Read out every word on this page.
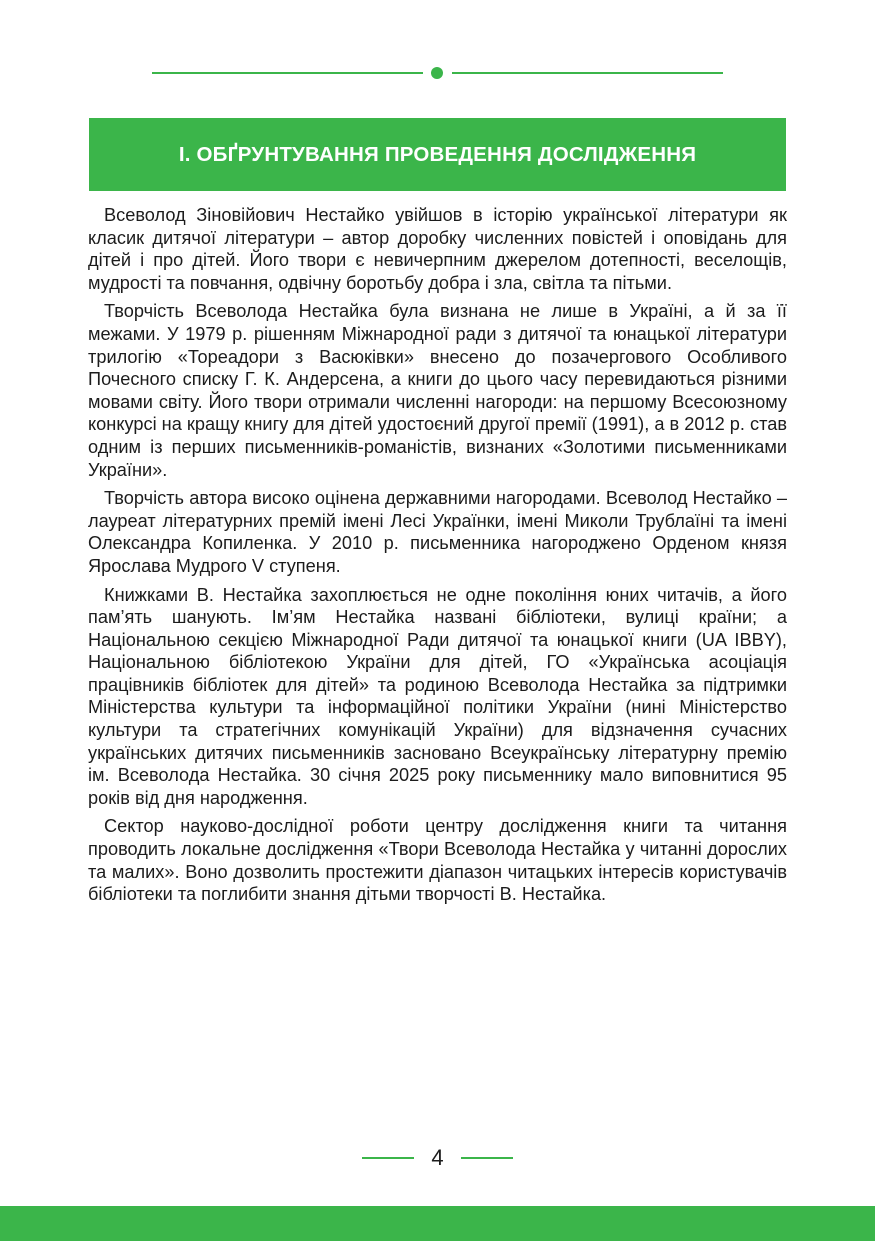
І. ОБҐРУНТУВАННЯ ПРОВЕДЕННЯ ДОСЛІДЖЕННЯ

Всеволод Зіновійович Нестайко увійшов в історію української літератури як класик дитячої літератури – автор доробку численних повістей і оповідань для дітей і про дітей. Його твори є невичерпним джерелом дотепності, веселощів, мудрості та повчання, одвічну боротьбу добра і зла, світла та пітьми.

Творчість Всеволода Нестайка була визнана не лише в Україні, а й за її межами. У 1979 р. рішенням Міжнародної ради з дитячої та юнацької літератури трилогію «Тореадори з Васюківки» внесено до позачергового Особливого Почесного списку Г. К. Андерсена, а книги до цього часу перевидаються різними мовами світу. Його твори отримали численні нагороди: на першому Всесоюзному конкурсі на кращу книгу для дітей удостоєний другої премії (1991), а в 2012 р. став одним із перших письменників-романістів, визнаних «Золотими письменниками України».

Творчість автора високо оцінена державними нагородами. Всеволод Нестайко – лауреат літературних премій імені Лесі Українки, імені Миколи Трублаїні та імені Олександра Копиленка. У 2010 р. письменника нагороджено Орденом князя Ярослава Мудрого V ступеня.

Книжками В. Нестайка захоплюється не одне покоління юних читачів, а його пам’ять шанують. Ім’ям Нестайка названі бібліотеки, вулиці країни; а Національною секцією Міжнародної Ради дитячої та юнацької книги (UA IBBY), Національною бібліотекою України для дітей, ГО «Українська асоціація працівників бібліотек для дітей» та родиною Всеволода Нестайка за підтримки Міністерства культури та інформаційної політики України (нині Міністерство культури та стратегічних комунікацій України) для відзначення сучасних українських дитячих письменників засновано Всеукраїнську літературну премію ім. Всеволода Нестайка. 30 січня 2025 року письменнику мало виповнитися 95 років від дня народження.

Сектор науково-дослідної роботи центру дослідження книги та читання проводить локальне дослідження «Твори Всеволода Нестайка у читанні дорослих та малих». Воно дозволить простежити діапазон читацьких інтересів користувачів бібліотеки та поглибити знання дітьми творчості В. Нестайка.

4
